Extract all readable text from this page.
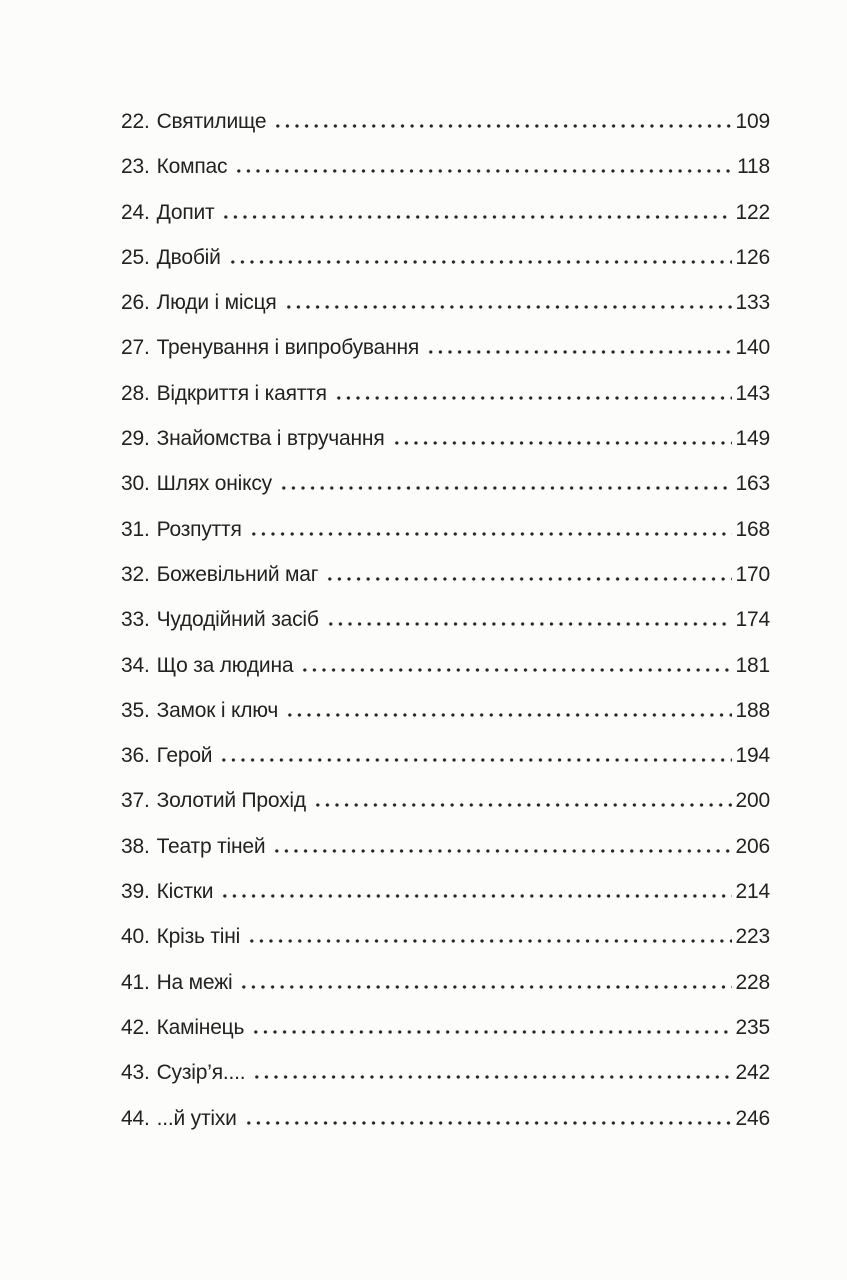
22. Святилище	109
23. Компас	118
24. Допит	122
25. Двобій	126
26. Люди і місця	133
27. Тренування і випробування	140
28. Відкриття і каяття	143
29. Знайомства і втручання	149
30. Шлях оніксу	163
31. Розпуття	168
32. Божевільний маг	170
33. Чудодійний засіб	174
34. Що за людина	181
35. Замок і ключ	188
36. Герой	194
37. Золотий Прохід	200
38. Театр тіней	206
39. Кістки	214
40. Крізь тіні	223
41. На межі	228
42. Камінець	235
43. Сузір’я....	242
44. ...й утіхи	246
